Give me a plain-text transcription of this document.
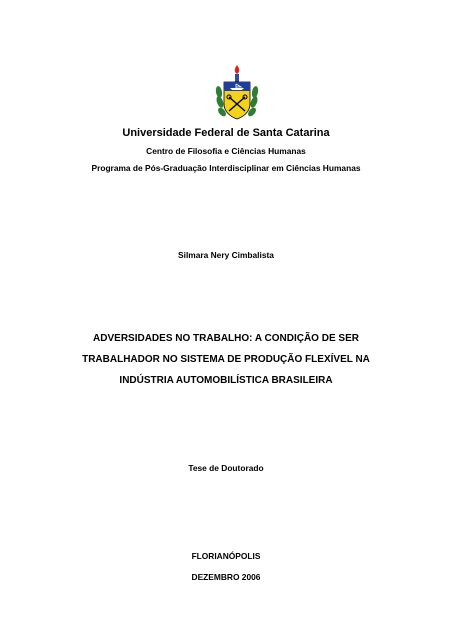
Universidade Federal de Santa Catarina
Centro de Filosofia e Ciências Humanas
Programa de Pós-Graduação Interdisciplinar em Ciências Humanas
Silmara Nery Cimbalista
ADVERSIDADES NO TRABALHO: A CONDIÇÃO DE SER
TRABALHADOR NO SISTEMA DE PRODUÇÃO FLEXÍVEL NA
INDÚSTRIA AUTOMOBILÍSTICA BRASILEIRA
Tese de Doutorado
FLORIANÓPOLIS
DEZEMBRO 2006
